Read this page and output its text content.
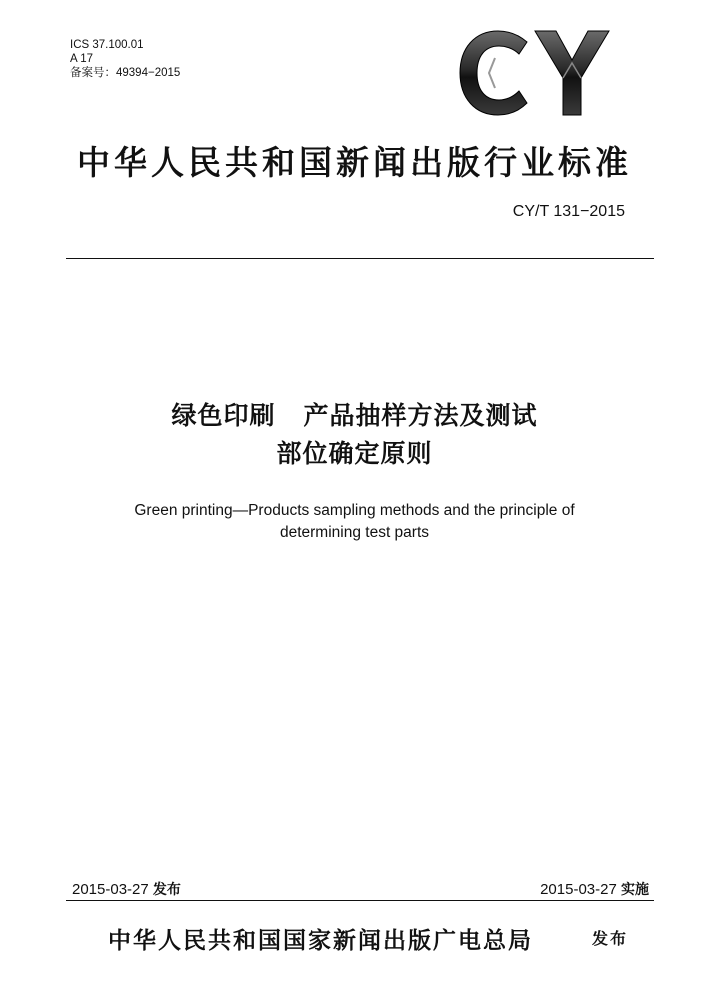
ICS 37.100.01
A 17
备案号：49394−2015
中华人民共和国新闻出版行业标准
CY/T 131−2015
绿色印刷 产品抽样方法及测试
部位确定原则
Green printing—Products sampling methods and the principle of
determining test parts
2015-03-27 发布	2015-03-27 实施
中华人民共和国国家新闻出版广电总局	发布
